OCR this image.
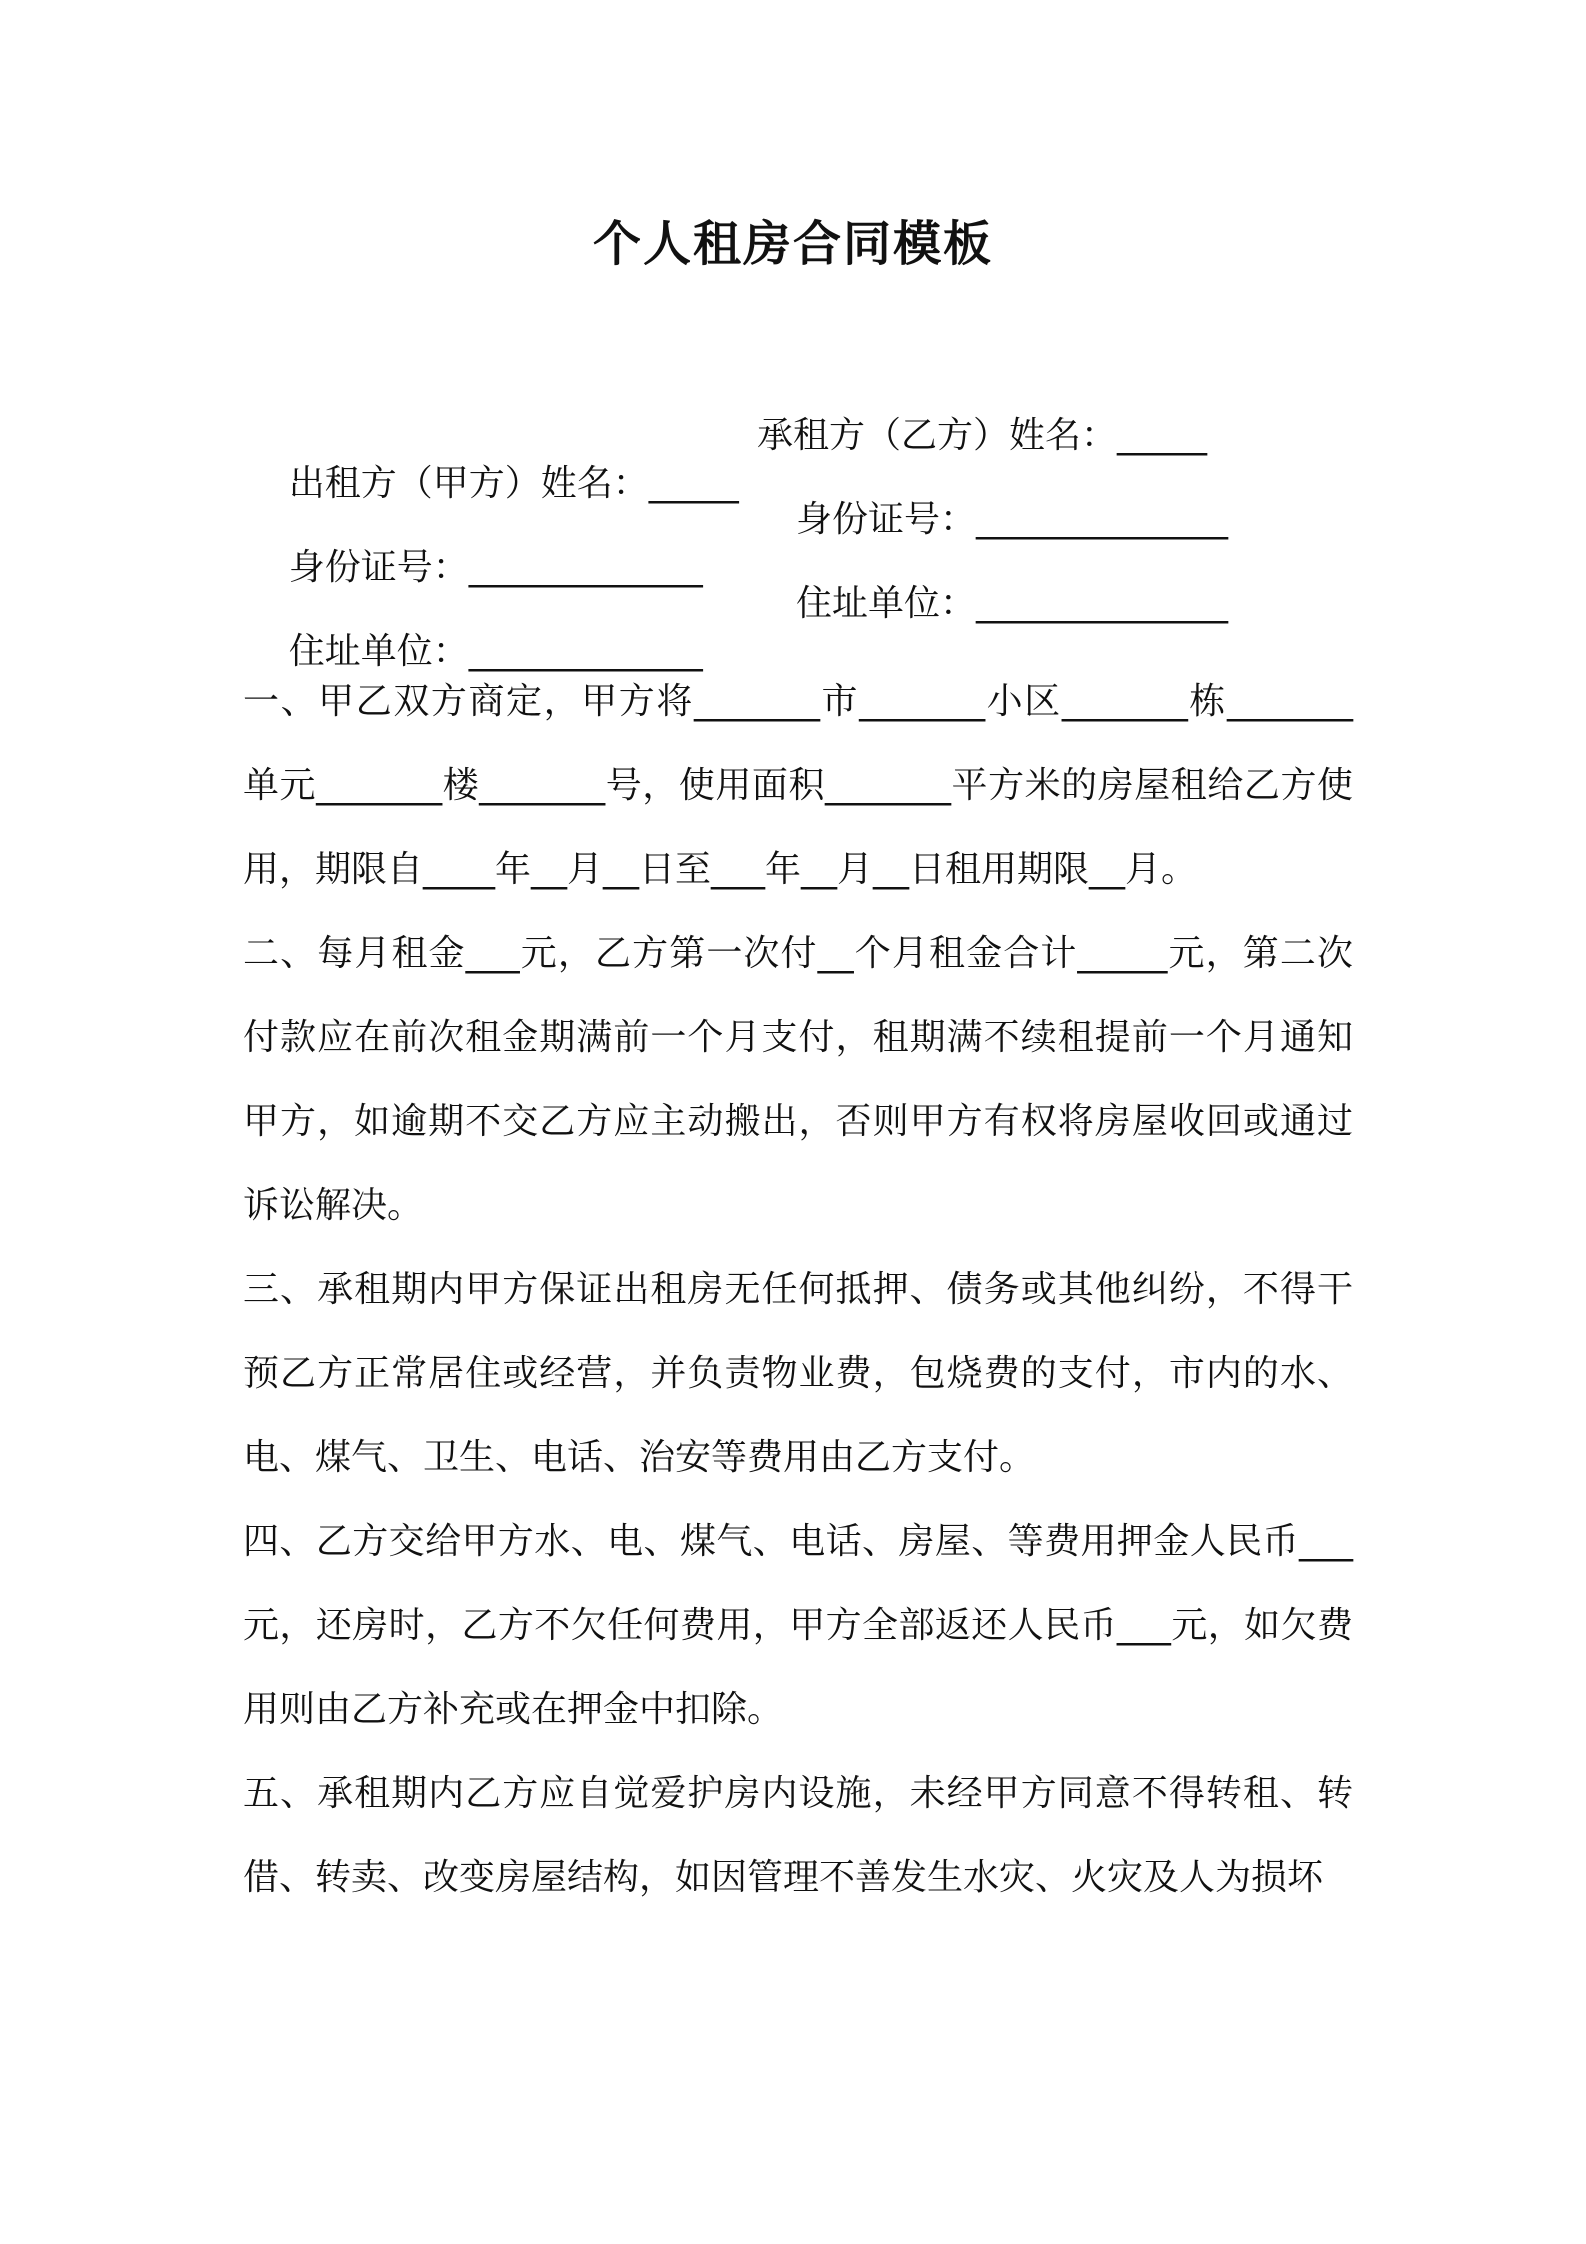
个人租房合同模板

出租方（甲方）姓名：_____

承租方（乙方）姓名：_____

身份证号：_____________

身份证号：______________

住址单位：_____________

住址单位：______________

一、甲乙双方商定，甲方将_______市_______小区_______栋_______单元_______楼_______号，使用面积_______平方米的房屋租给乙方使用，期限自____年__月__日至___年__月__日租用期限__月。

二、每月租金___元，乙方第一次付__个月租金合计_____元，第二次付款应在前次租金期满前一个月支付，租期满不续租提前一个月通知甲方，如逾期不交乙方应主动搬出，否则甲方有权将房屋收回或通过诉讼解决。

三、承租期内甲方保证出租房无任何抵押、债务或其他纠纷，不得干预乙方正常居住或经营，并负责物业费，包烧费的支付，市内的水、电、煤气、卫生、电话、治安等费用由乙方支付。

四、乙方交给甲方水、电、煤气、电话、房屋、等费用押金人民币___元，还房时，乙方不欠任何费用，甲方全部返还人民币___元，如欠费用则由乙方补充或在押金中扣除。

五、承租期内乙方应自觉爱护房内设施，未经甲方同意不得转租、转借、转卖、改变房屋结构，如因管理不善发生水灾、火灾及人为损坏
